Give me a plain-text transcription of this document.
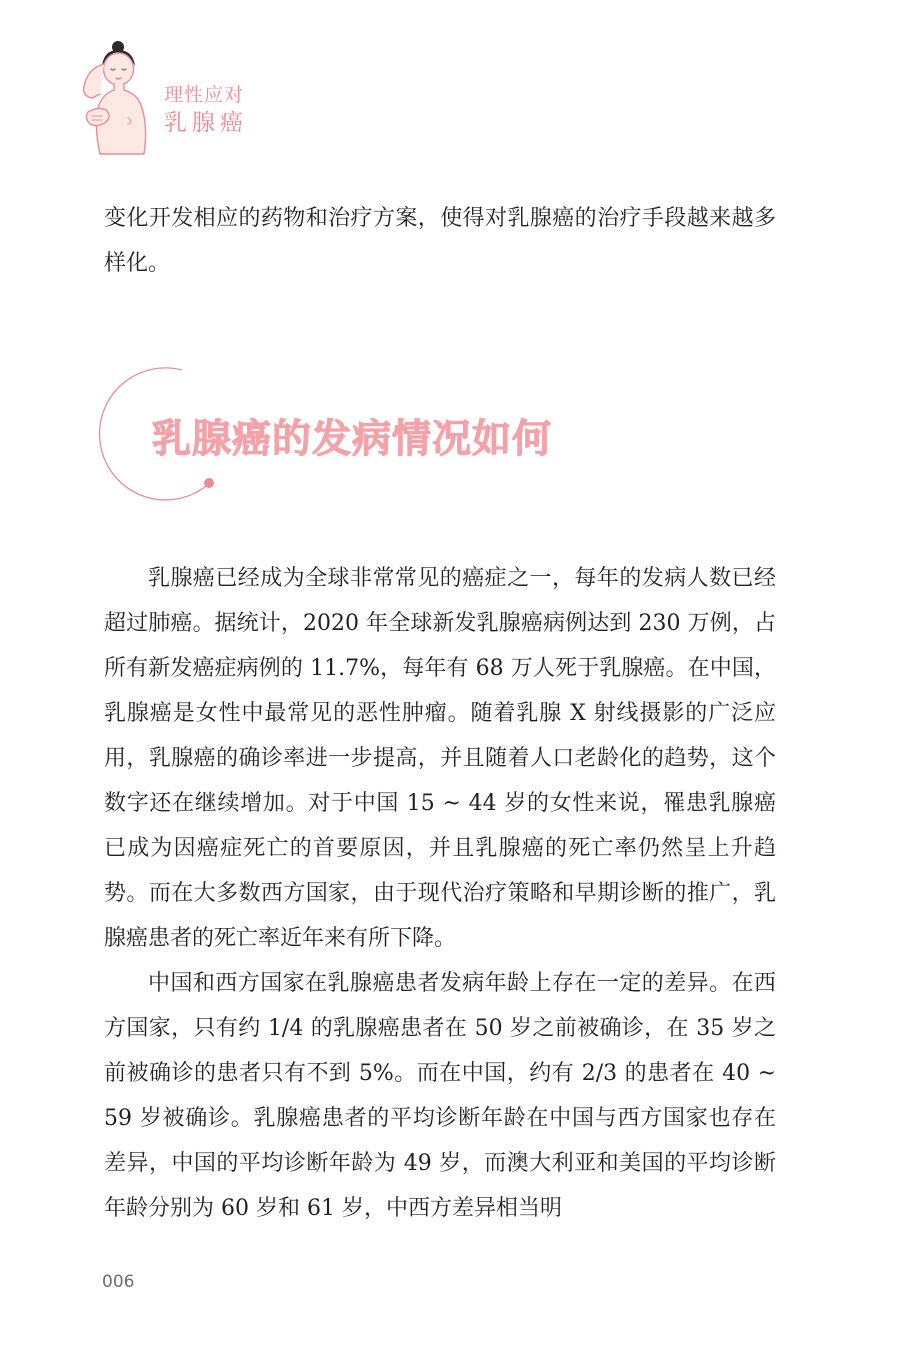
理性应对
乳腺癌

变化开发相应的药物和治疗方案，使得对乳腺癌的治疗手段越来越多样化。

乳腺癌的发病情况如何

乳腺癌已经成为全球非常常见的癌症之一，每年的发病人数已经超过肺癌。据统计，2020 年全球新发乳腺癌病例达到 230 万例，占所有新发癌症病例的 11.7%，每年有 68 万人死于乳腺癌。在中国，乳腺癌是女性中最常见的恶性肿瘤。随着乳腺 X 射线摄影的广泛应用，乳腺癌的确诊率进一步提高，并且随着人口老龄化的趋势，这个数字还在继续增加。对于中国 15 ~ 44 岁的女性来说，罹患乳腺癌已成为因癌症死亡的首要原因，并且乳腺癌的死亡率仍然呈上升趋势。而在大多数西方国家，由于现代治疗策略和早期诊断的推广，乳腺癌患者的死亡率近年来有所下降。

中国和西方国家在乳腺癌患者发病年龄上存在一定的差异。在西方国家，只有约 1/4 的乳腺癌患者在 50 岁之前被确诊，在 35 岁之前被确诊的患者只有不到 5%。而在中国，约有 2/3 的患者在 40 ~ 59 岁被确诊。乳腺癌患者的平均诊断年龄在中国与西方国家也存在差异，中国的平均诊断年龄为 49 岁，而澳大利亚和美国的平均诊断年龄分别为 60 岁和 61 岁，中西方差异相当明

006
